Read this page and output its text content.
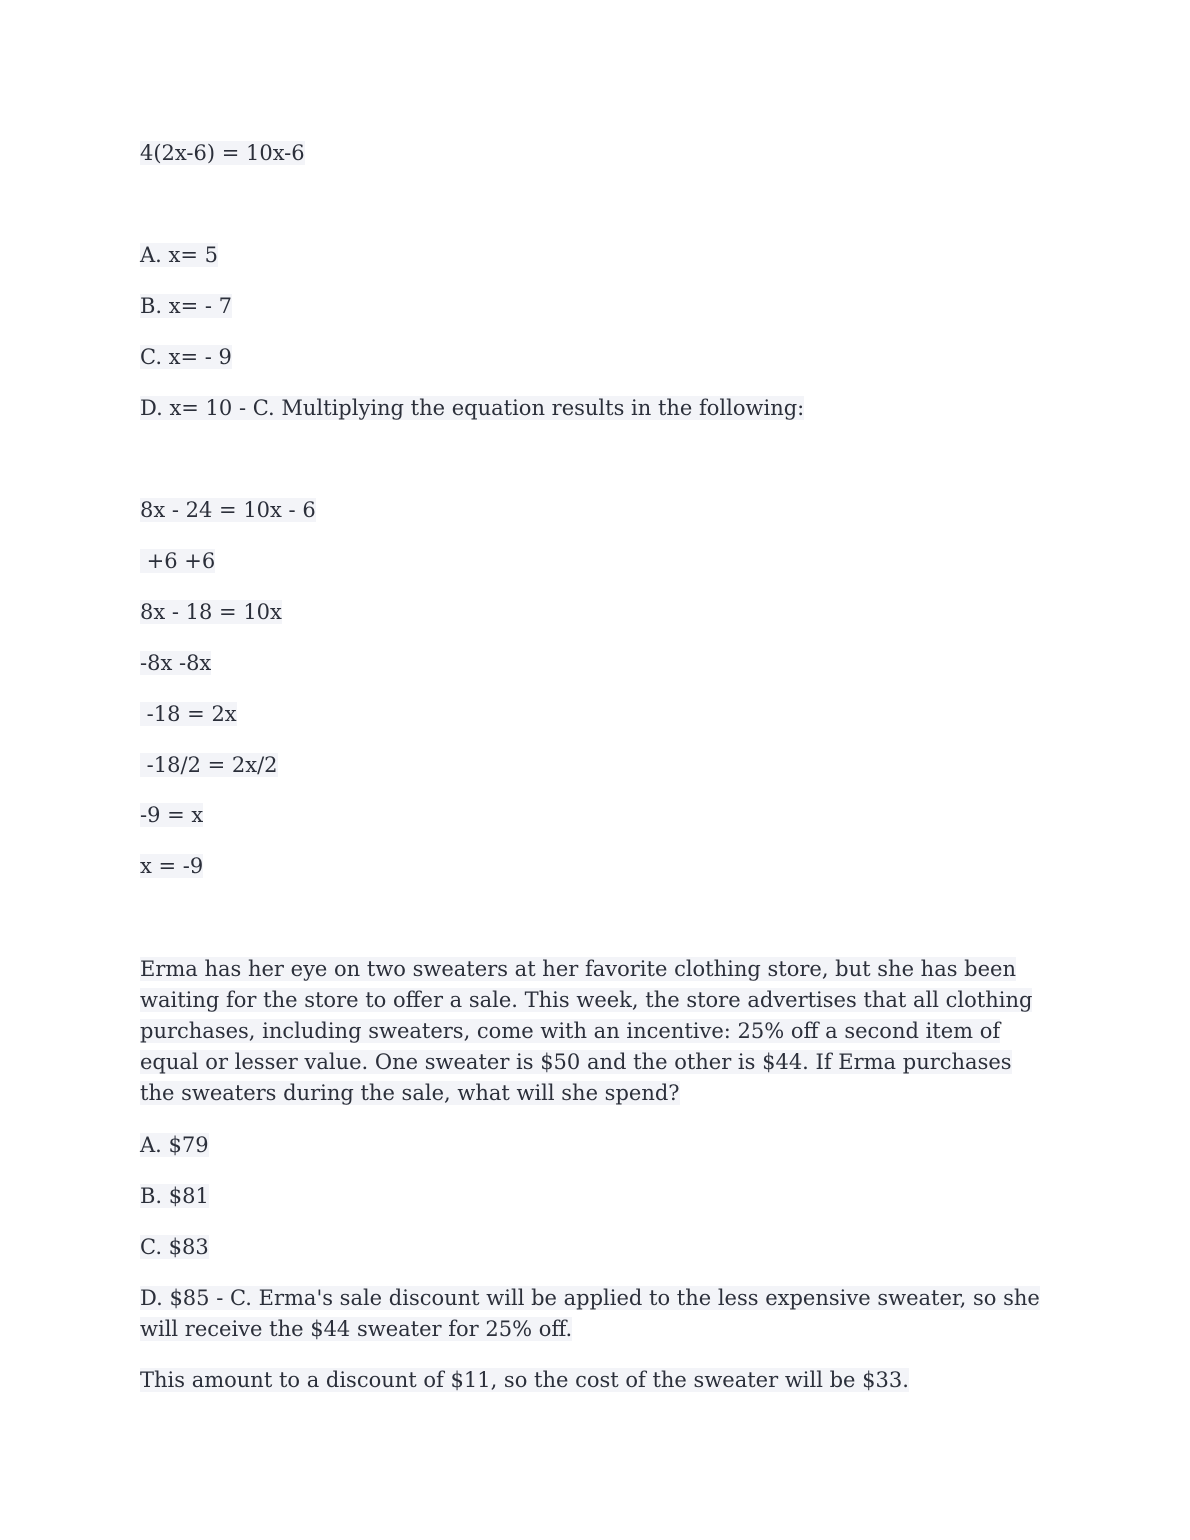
4(2x-6) = 10x-6
A. x= 5
B. x= - 7
C. x= - 9
D. x= 10 - C. Multiplying the equation results in the following:
8x - 24 = 10x - 6
+6 +6
8x - 18 = 10x
-8x -8x
-18 = 2x
-18/2 = 2x/2
-9 = x
x = -9
Erma has her eye on two sweaters at her favorite clothing store, but she has been waiting for the store to offer a sale. This week, the store advertises that all clothing purchases, including sweaters, come with an incentive: 25% off a second item of equal or lesser value. One sweater is $50 and the other is $44. If Erma purchases the sweaters during the sale, what will she spend?
A. $79
B. $81
C. $83
D. $85 - C. Erma's sale discount will be applied to the less expensive sweater, so she will receive the $44 sweater for 25% off.
This amount to a discount of $11, so the cost of the sweater will be $33.
